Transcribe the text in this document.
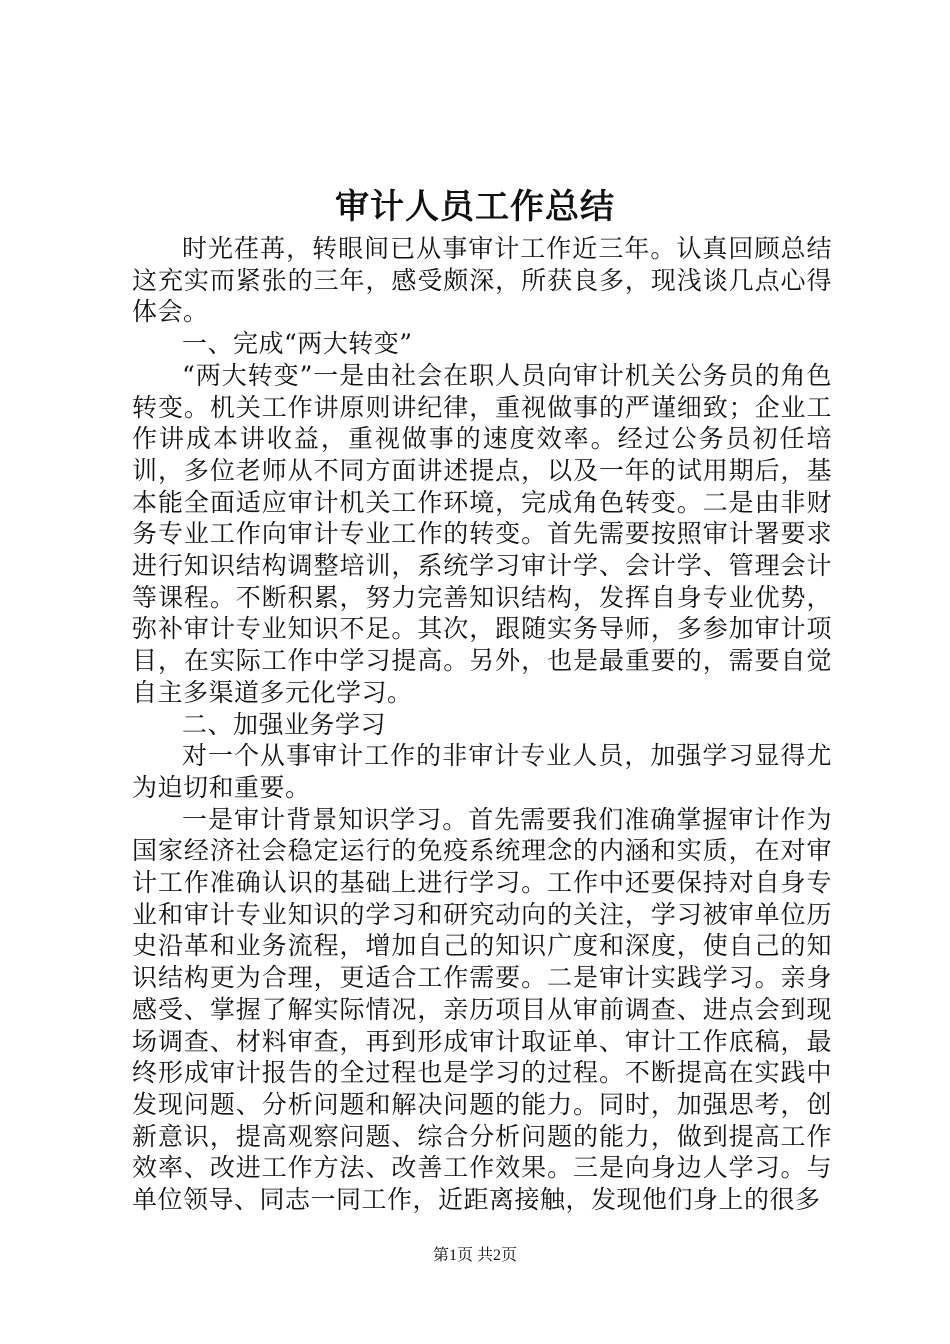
审计人员工作总结

时光荏苒，转眼间已从事审计工作近三年。认真回顾总结这充实而紧张的三年，感受颇深，所获良多，现浅谈几点心得体会。

一、完成“两大转变”

“两大转变”一是由社会在职人员向审计机关公务员的角色转变。机关工作讲原则讲纪律，重视做事的严谨细致；企业工作讲成本讲收益，重视做事的速度效率。经过公务员初任培训，多位老师从不同方面讲述提点，以及一年的试用期后，基本能全面适应审计机关工作环境，完成角色转变。二是由非财务专业工作向审计专业工作的转变。首先需要按照审计署要求进行知识结构调整培训，系统学习审计学、会计学、管理会计等课程。不断积累，努力完善知识结构，发挥自身专业优势，弥补审计专业知识不足。其次，跟随实务导师，多参加审计项目，在实际工作中学习提高。另外，也是最重要的，需要自觉自主多渠道多元化学习。

二、加强业务学习

对一个从事审计工作的非审计专业人员，加强学习显得尤为迫切和重要。

一是审计背景知识学习。首先需要我们准确掌握审计作为国家经济社会稳定运行的免疫系统理念的内涵和实质，在对审计工作准确认识的基础上进行学习。工作中还要保持对自身专业和审计专业知识的学习和研究动向的关注，学习被审单位历史沿革和业务流程，增加自己的知识广度和深度，使自己的知识结构更为合理，更适合工作需要。二是审计实践学习。亲身感受、掌握了解实际情况，亲历项目从审前调查、进点会到现场调查、材料审查，再到形成审计取证单、审计工作底稿，最终形成审计报告的全过程也是学习的过程。不断提高在实践中发现问题、分析问题和解决问题的能力。同时，加强思考，创新意识，提高观察问题、综合分析问题的能力，做到提高工作效率、改进工作方法、改善工作效果。三是向身边人学习。与单位领导、同志一同工作，近距离接触，发现他们身上的很多

第1页 共2页
